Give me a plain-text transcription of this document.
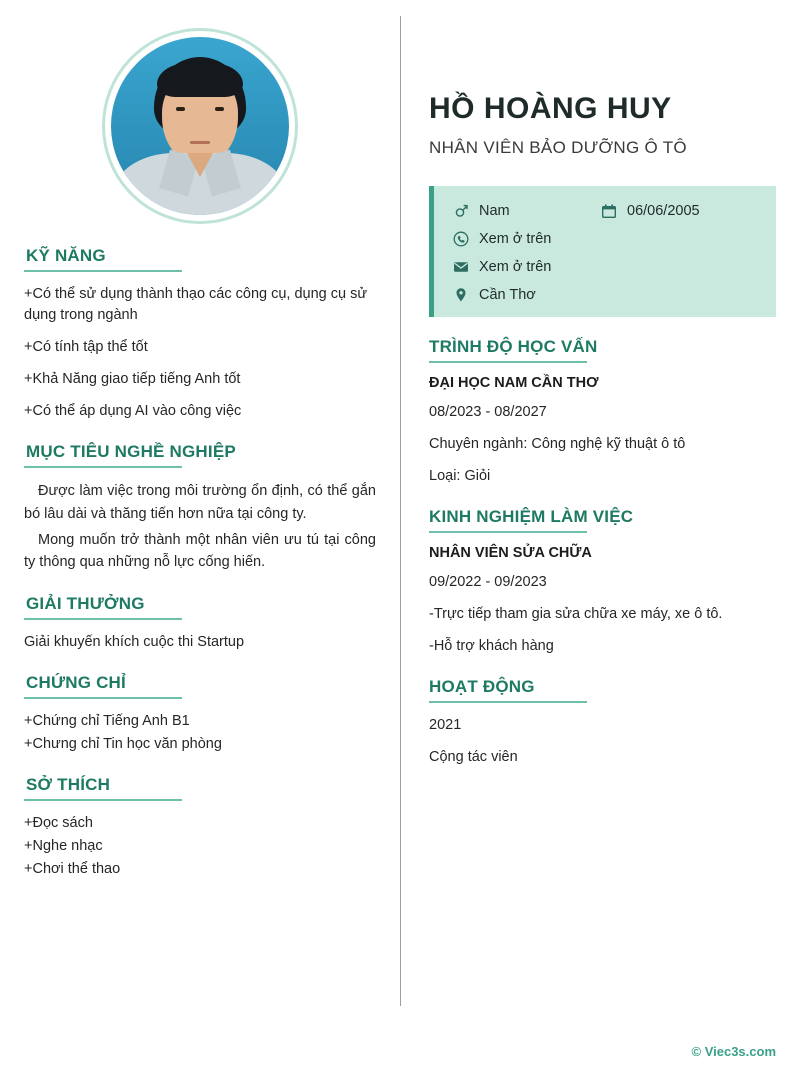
KỸ NĂNG
+Có thể sử dụng thành thạo các công cụ, dụng cụ sử dụng trong ngành
+Có tính tập thể tốt
+Khả Năng giao tiếp tiếng Anh tốt
+Có thể áp dụng AI vào công việc
MỤC TIÊU NGHỀ NGHIỆP
Được làm việc trong môi trường ổn định, có thể gắn bó lâu dài và thăng tiến hơn nữa tại công ty.
Mong muốn trở thành một nhân viên ưu tú tại công ty thông qua những nỗ lực cống hiến.
GIẢI THƯỞNG
Giải khuyến khích cuộc thi Startup
CHỨNG CHỈ
+Chứng chỉ Tiếng Anh B1
+Chưng chỉ Tin học văn phòng
SỞ THÍCH
+Đọc sách
+Nghe nhạc
+Chơi thể thao
HỒ HOÀNG HUY
NHÂN VIÊN BẢO DƯỠNG Ô TÔ
Nam	06/06/2005
Xem ở trên
Xem ở trên
Cần Thơ
TRÌNH ĐỘ HỌC VẤN
ĐẠI HỌC NAM CẦN THƠ
08/2023 - 08/2027
Chuyên ngành: Công nghệ kỹ thuật ô tô
Loại: Giỏi
KINH NGHIỆM LÀM VIỆC
NHÂN VIÊN SỬA CHỮA
09/2022 - 09/2023
-Trực tiếp tham gia sửa chữa xe máy, xe ô tô.
-Hỗ trợ khách hàng
HOẠT ĐỘNG
2021
Cộng tác viên
© Viec3s.com
